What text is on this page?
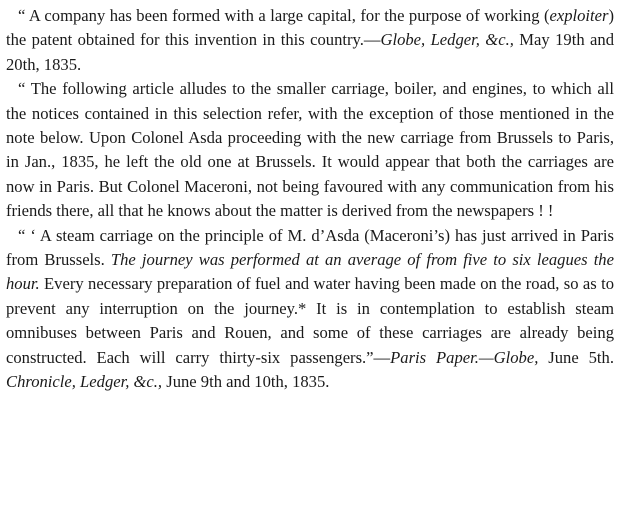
“ A company has been formed with a large capital, for the purpose of working (exploiter) the patent obtained for this invention in this country.—Globe, Ledger, &c., May 19th and 20th, 1835.

“ The following article alludes to the smaller carriage, boiler, and engines, to which all the notices contained in this selection refer, with the exception of those mentioned in the note below. Upon Colonel Asda proceeding with the new carriage from Brussels to Paris, in Jan., 1835, he left the old one at Brussels. It would appear that both the carriages are now in Paris. But Colonel Maceroni, not being favoured with any communication from his friends there, all that he knows about the matter is derived from the newspapers ! !

“ ‘ A steam carriage on the principle of M. d’Asda (Maceroni’s) has just arrived in Paris from Brussels. The journey was performed at an average of from five to six leagues the hour. Every necessary preparation of fuel and water having been made on the road, so as to prevent any interruption on the journey.* It is in contemplation to establish steam omnibuses between Paris and Rouen, and some of these carriages are already being constructed. Each will carry thirty-six passengers.”—Paris Paper.—Globe, June 5th. Chronicle, Ledger, &c., June 9th and 10th, 1835.
